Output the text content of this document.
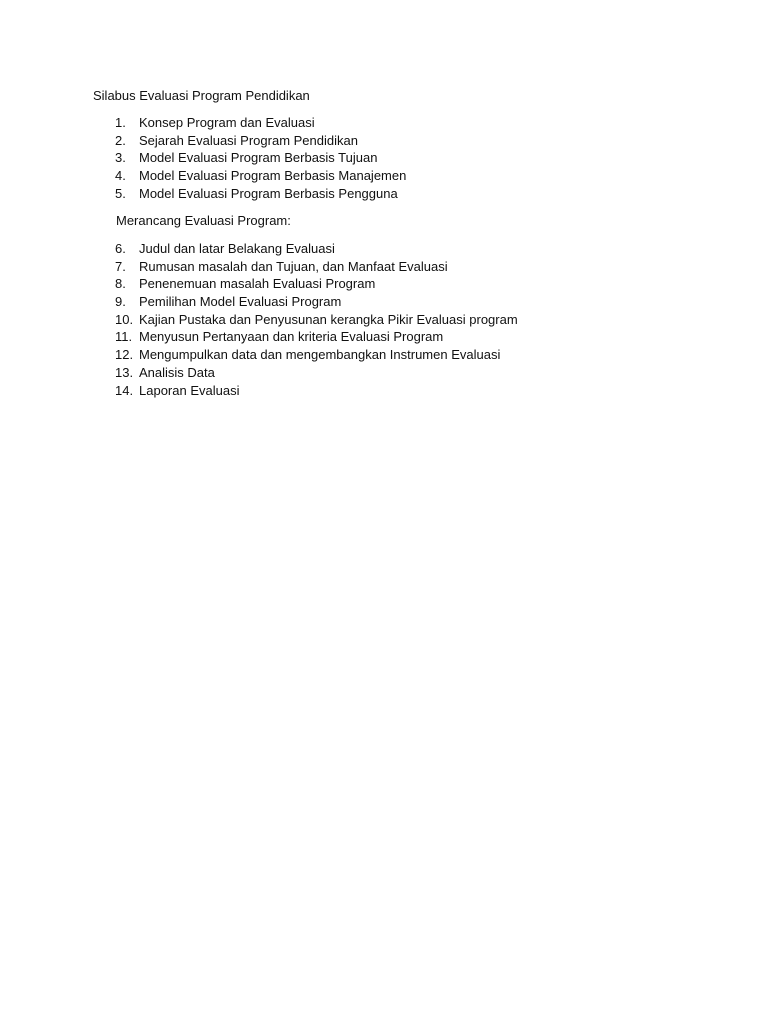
Silabus Evaluasi Program Pendidikan
1.	Konsep Program dan Evaluasi
2.	Sejarah Evaluasi Program Pendidikan
3.	Model Evaluasi Program Berbasis Tujuan
4.	Model Evaluasi Program Berbasis Manajemen
5.	Model Evaluasi Program Berbasis Pengguna
Merancang Evaluasi Program:
6.	Judul dan latar Belakang Evaluasi
7.	Rumusan masalah dan Tujuan, dan Manfaat Evaluasi
8.	Penenemuan masalah Evaluasi Program
9.	Pemilihan Model Evaluasi Program
10. Kajian Pustaka dan Penyusunan kerangka Pikir Evaluasi program
11. Menyusun Pertanyaan dan kriteria Evaluasi Program
12. Mengumpulkan data dan mengembangkan Instrumen Evaluasi
13. Analisis Data
14. Laporan Evaluasi
